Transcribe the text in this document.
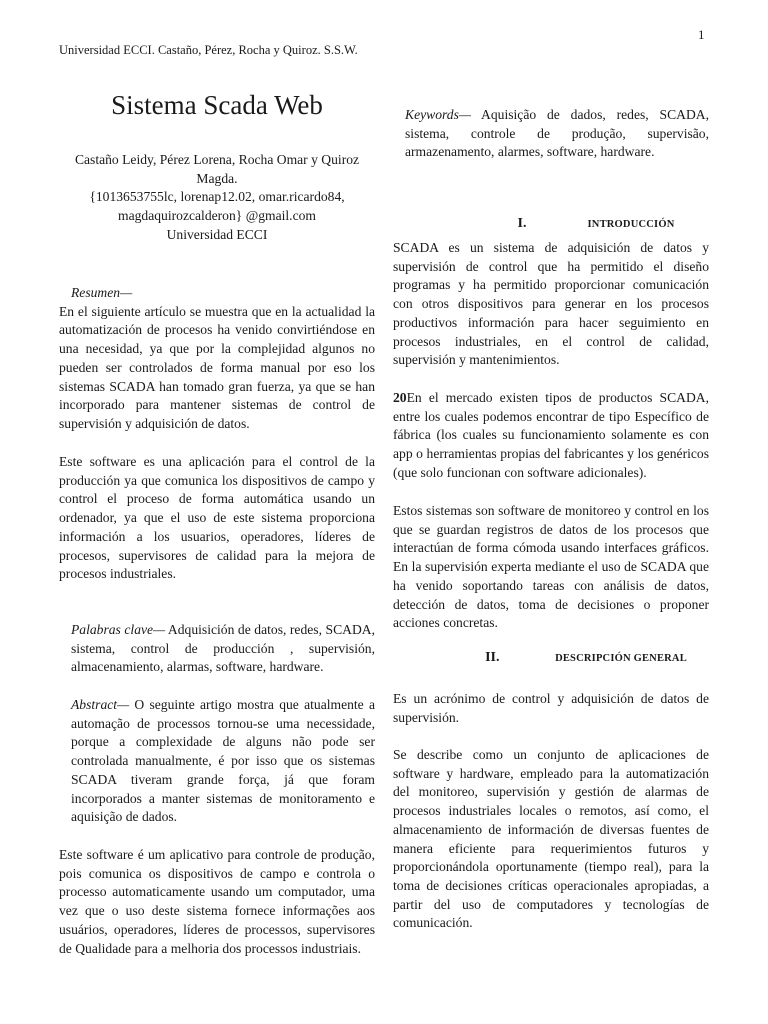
1
Universidad ECCI. Castaño, Pérez, Rocha y Quiroz. S.S.W.
Sistema Scada Web
Castaño Leidy, Pérez Lorena, Rocha Omar y Quiroz Magda.
{1013653755lc, lorenap12.02, omar.ricardo84, magdaquirozcalderon} @gmail.com
Universidad ECCI
Resumen—
En el siguiente artículo se muestra que en la actualidad la automatización de procesos ha venido convirtiéndose en una necesidad, ya que por la complejidad algunos no pueden ser controlados de forma manual por eso los sistemas SCADA han tomado gran fuerza, ya que se han incorporado para mantener sistemas de control de supervisión y adquisición de datos.
Este software es una aplicación para el control de la producción ya que comunica los dispositivos de campo y control el proceso de forma automática usando un ordenador, ya que el uso de este sistema proporciona información a los usuarios, operadores, líderes de procesos, supervisores de calidad para la mejora de procesos industriales.
Palabras clave— Adquisición de datos, redes, SCADA, sistema, control de producción , supervisión, almacenamiento, alarmas, software, hardware.
Abstract— O seguinte artigo mostra que atualmente a automação de processos tornou-se uma necessidade, porque a complexidade de alguns não pode ser controlada manualmente, é por isso que os sistemas SCADA tiveram grande força, já que foram incorporados a manter sistemas de monitoramento e aquisição de dados.
Este software é um aplicativo para controle de produção, pois comunica os dispositivos de campo e controla o processo automaticamente usando um computador, uma vez que o uso deste sistema fornece informações aos usuários, operadores, líderes de processos, supervisores de Qualidade para a melhoria dos processos industriais.
Keywords— Aquisição de dados, redes, SCADA, sistema, controle de produção, supervisão, armazenamento, alarmes, software, hardware.
I.	INTRODUCCIÓN
SCADA es un sistema de adquisición de datos y supervisión de control que ha permitido el diseño programas y ha permitido proporcionar comunicación con otros dispositivos para generar en los procesos productivos información para hacer seguimiento en procesos industriales, en el control de calidad, supervisión y mantenimientos.
20En el mercado existen tipos de productos SCADA, entre los cuales podemos encontrar de tipo Específico de fábrica (los cuales su funcionamiento solamente es con app o herramientas propias del fabricantes y los genéricos (que solo funcionan con software adicionales).
Estos sistemas son software de monitoreo y control en los que se guardan registros de datos de los procesos que interactúan de forma cómoda usando interfaces gráficos. En la supervisión experta mediante el uso de SCADA que ha venido soportando tareas con análisis de datos, detección de datos, toma de decisiones o proponer acciones concretas.
II.	DESCRIPCIÓN GENERAL
Es un acrónimo de control y adquisición de datos de supervisión.
Se describe como un conjunto de aplicaciones de software y hardware, empleado para la automatización del monitoreo, supervisión y gestión de alarmas de procesos industriales locales o remotos, así como, el almacenamiento de información de diversas fuentes de manera eficiente para requerimientos futuros y proporcionándola oportunamente (tiempo real), para la toma de decisiones críticas operacionales apropiadas, a partir del uso de computadores y tecnologías de comunicación.
